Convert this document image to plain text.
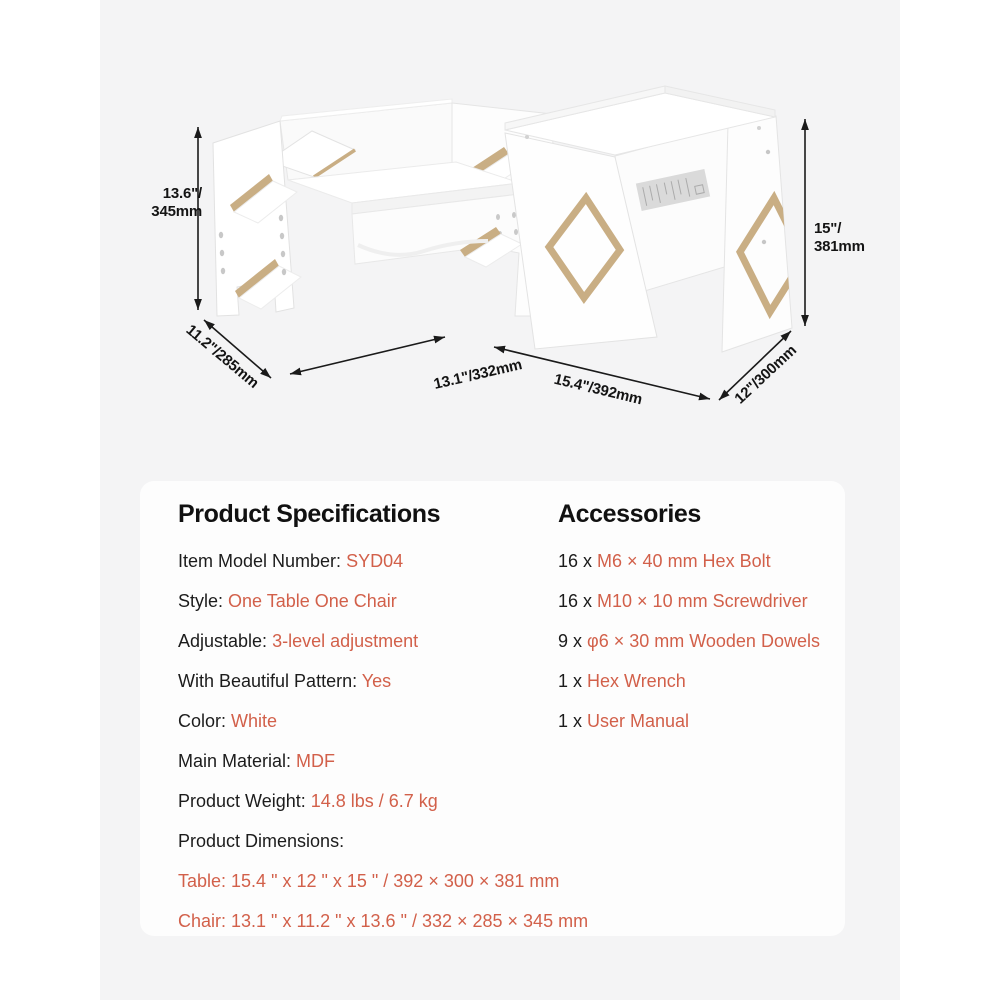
13.6"/
345mm
11.2"/285mm	13.1"/332mm	15.4"/392mm	12"/300mm
15"/
381mm
Product Specifications
Item Model Number: SYD04
Style: One Table One Chair
Adjustable: 3-level adjustment
With Beautiful Pattern: Yes
Color: White
Main Material: MDF
Product Weight: 14.8 lbs / 6.7 kg
Product Dimensions:
Table: 15.4 " x 12 " x 15 " / 392 × 300 × 381 mm
Chair: 13.1 " x 11.2 " x 13.6 " / 332 × 285 × 345 mm
Accessories
16 x M6 × 40 mm Hex Bolt
16 x M10 × 10 mm Screwdriver
9 x φ6 × 30 mm Wooden Dowels
1 x Hex Wrench
1 x User Manual
